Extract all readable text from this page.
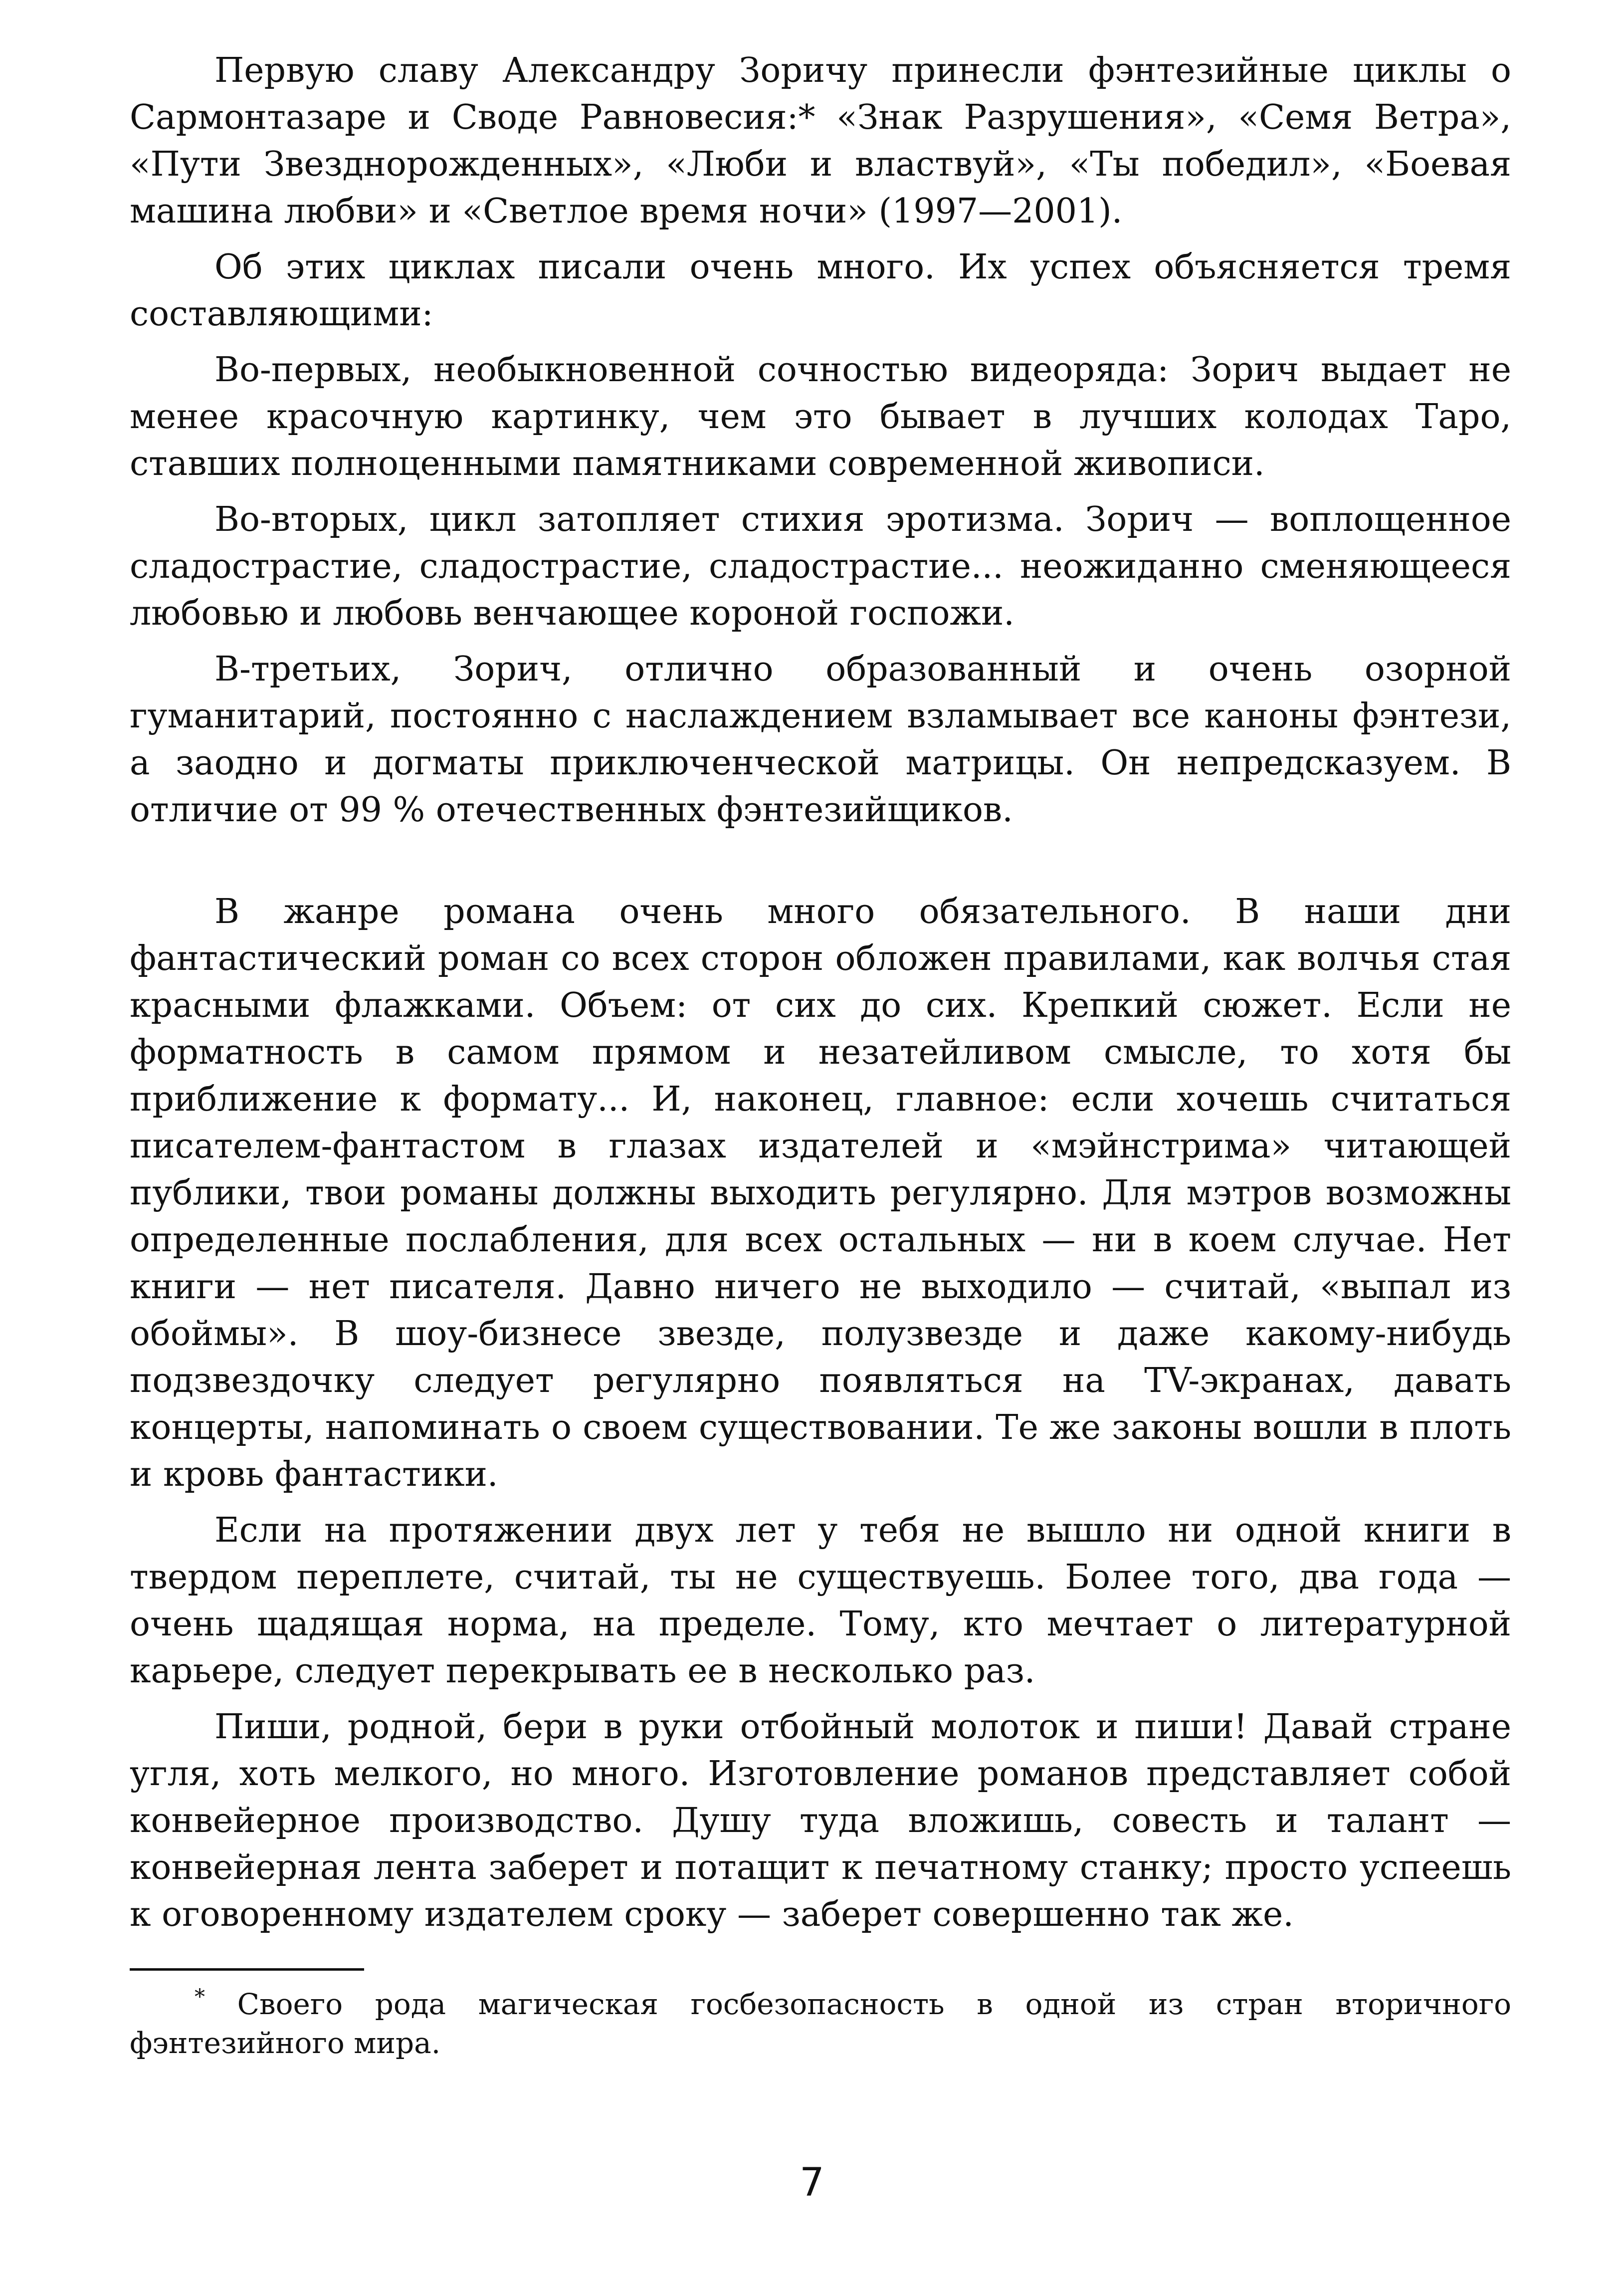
Первую славу Александру Зоричу принесли фэнтезийные циклы о Сармонтазаре и Своде Равновесия:* «Знак Разрушения», «Семя Ветра», «Пути Звезднорожденных», «Люби и властвуй», «Ты победил», «Боевая машина любви» и «Светлое время ночи» (1997—2001).

Об этих циклах писали очень много. Их успех объясняется тремя составляющими:

Во-первых, необыкновенной сочностью видеоряда: Зорич выдает не менее красочную картинку, чем это бывает в лучших колодах Таро, ставших полноценными памятниками современной живописи.

Во-вторых, цикл затопляет стихия эротизма. Зорич — воплощенное сладострастие, сладострастие, сладострастие... неожиданно сменяющееся любовью и любовь венчающее короной госпожи.

В-третьих, Зорич, отлично образованный и очень озорной гуманитарий, постоянно с наслаждением взламывает все каноны фэнтези, а заодно и догматы приключенческой матрицы. Он непредсказуем. В отличие от 99 % отечественных фэнтезийщиков.

В жанре романа очень много обязательного. В наши дни фантастический роман со всех сторон обложен правилами, как волчья стая красными флажками. Объем: от сих до сих. Крепкий сюжет. Если не форматность в самом прямом и незатейливом смысле, то хотя бы приближение к формату... И, наконец, главное: если хочешь считаться писателем-фантастом в глазах издателей и «мэйнстрима» читающей публики, твои романы должны выходить регулярно. Для мэтров возможны определенные послабления, для всех остальных — ни в коем случае. Нет книги — нет писателя. Давно ничего не выходило — считай, «выпал из обоймы». В шоу-бизнесе звезде, полузвезде и даже какому-нибудь подзвездочку следует регулярно появляться на TV-экранах, давать концерты, напоминать о своем существовании. Те же законы вошли в плоть и кровь фантастики.

Если на протяжении двух лет у тебя не вышло ни одной книги в твердом переплете, считай, ты не существуешь. Более того, два года — очень щадящая норма, на пределе. Тому, кто мечтает о литературной карьере, следует перекрывать ее в несколько раз.

Пиши, родной, бери в руки отбойный молоток и пиши! Давай стране угля, хоть мелкого, но много. Изготовление романов представляет собой конвейерное производство. Душу туда вложишь, совесть и талант — конвейерная лента заберет и потащит к печатному станку; просто успеешь к оговоренному издателем сроку — заберет совершенно так же.

* Своего рода магическая госбезопасность в одной из стран вторичного фэнтезийного мира.

7
